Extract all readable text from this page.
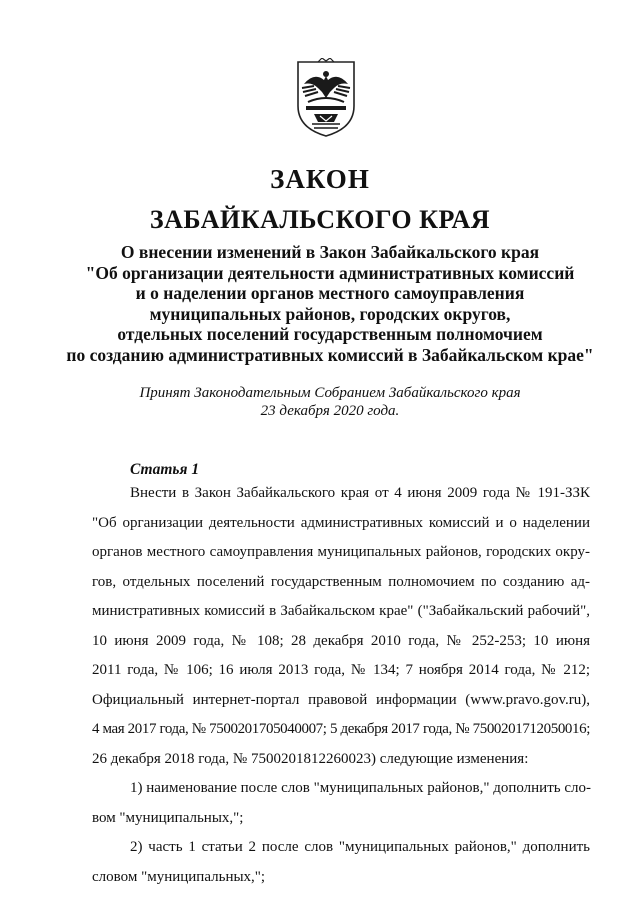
ЗАКОН
ЗАБАЙКАЛЬСКОГО КРАЯ
О внесении изменений в Закон Забайкальского края
"Об организации деятельности административных комиссий
и о наделении органов местного самоуправления
муниципальных районов, городских округов,
отдельных поселений государственным полномочием
по созданию административных комиссий в Забайкальском крае"
Принят Законодательным Собранием Забайкальского края
23 декабря 2020 года.
Статья 1
Внести в Закон Забайкальского края от 4 июня 2009 года № 191-ЗЗК
"Об организации деятельности административных комиссий и о наделении
органов местного самоуправления муниципальных районов, городских окру-
гов, отдельных поселений государственным полномочием по созданию ад-
министративных комиссий в Забайкальском крае" ("Забайкальский рабочий",
10 июня 2009 года, № 108; 28 декабря 2010 года, № 252-253; 10 июня
2011 года, № 106; 16 июля 2013 года, № 134; 7 ноября 2014 года, № 212;
Официальный интернет-портал правовой информации (www.pravo.gov.ru),
4 мая 2017 года, № 7500201705040007; 5 декабря 2017 года, № 7500201712050016;
26 декабря 2018 года, № 7500201812260023) следующие изменения:
1) наименование после слов "муниципальных районов," дополнить сло-
вом "муниципальных,";
2) часть 1 статьи 2 после слов "муниципальных районов," дополнить
словом "муниципальных,";
